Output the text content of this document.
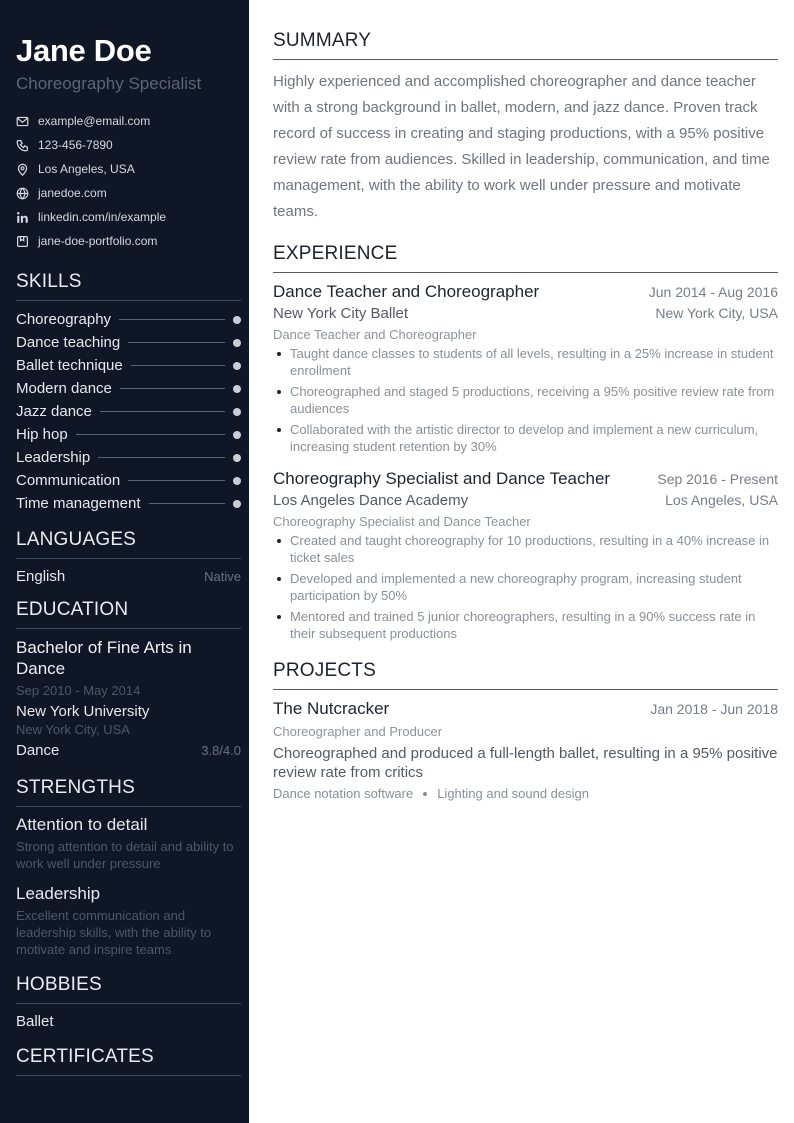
Jane Doe
Choreography Specialist
example@email.com
123-456-7890
Los Angeles, USA
janedoe.com
linkedin.com/in/example
jane-doe-portfolio.com
SKILLS
Choreography
Dance teaching
Ballet technique
Modern dance
Jazz dance
Hip hop
Leadership
Communication
Time management
LANGUAGES
English	Native
EDUCATION
Bachelor of Fine Arts in Dance
Sep 2010 - May 2014
New York University
New York City, USA
Dance	3.8/4.0
STRENGTHS
Attention to detail
Strong attention to detail and ability to work well under pressure
Leadership
Excellent communication and leadership skills, with the ability to motivate and inspire teams
HOBBIES
Ballet
CERTIFICATES
SUMMARY
Highly experienced and accomplished choreographer and dance teacher with a strong background in ballet, modern, and jazz dance. Proven track record of success in creating and staging productions, with a 95% positive review rate from audiences. Skilled in leadership, communication, and time management, with the ability to work well under pressure and motivate teams.
EXPERIENCE
Dance Teacher and Choreographer	Jun 2014 - Aug 2016
New York City Ballet	New York City, USA
Dance Teacher and Choreographer
Taught dance classes to students of all levels, resulting in a 25% increase in student enrollment
Choreographed and staged 5 productions, receiving a 95% positive review rate from audiences
Collaborated with the artistic director to develop and implement a new curriculum, increasing student retention by 30%
Choreography Specialist and Dance Teacher	Sep 2016 - Present
Los Angeles Dance Academy	Los Angeles, USA
Choreography Specialist and Dance Teacher
Created and taught choreography for 10 productions, resulting in a 40% increase in ticket sales
Developed and implemented a new choreography program, increasing student participation by 50%
Mentored and trained 5 junior choreographers, resulting in a 90% success rate in their subsequent productions
PROJECTS
The Nutcracker	Jan 2018 - Jun 2018
Choreographer and Producer
Choreographed and produced a full-length ballet, resulting in a 95% positive review rate from critics
Dance notation software Lighting and sound design
